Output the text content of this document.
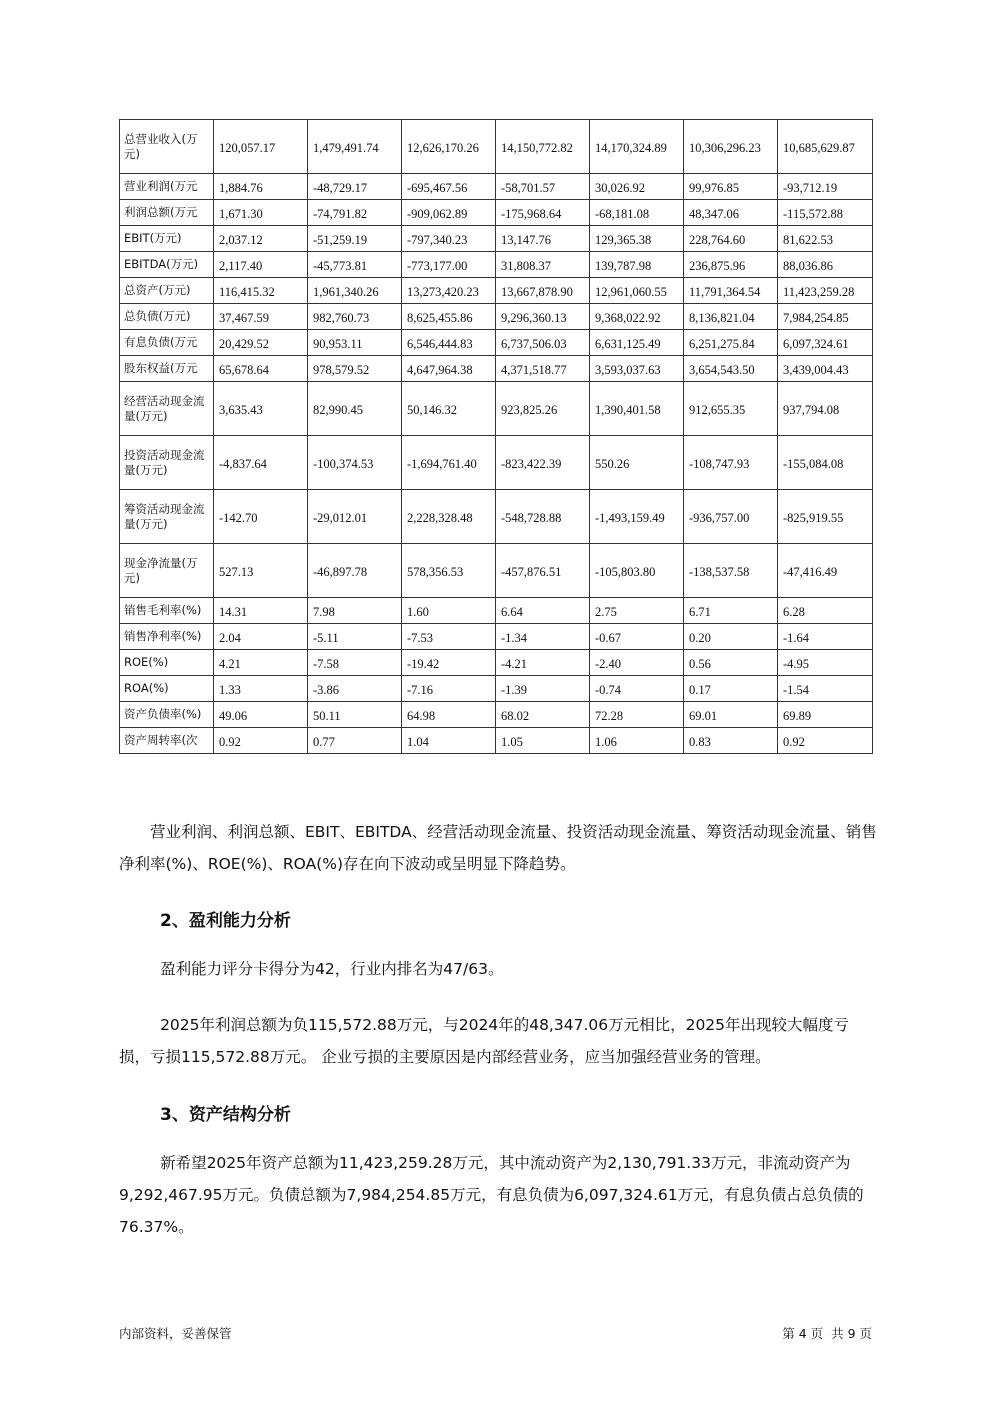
总营业收入(万元)	120,057.17	1,479,491.74	12,626,170.26	14,150,772.82	14,170,324.89	10,306,296.23	10,685,629.87
营业利润(万元	1,884.76	-48,729.17	-695,467.56	-58,701.57	30,026.92	99,976.85	-93,712.19
利润总额(万元	1,671.30	-74,791.82	-909,062.89	-175,968.64	-68,181.08	48,347.06	-115,572.88
EBIT(万元)	2,037.12	-51,259.19	-797,340.23	13,147.76	129,365.38	228,764.60	81,622.53
EBITDA(万元)	2,117.40	-45,773.81	-773,177.00	31,808.37	139,787.98	236,875.96	88,036.86
总资产(万元)	116,415.32	1,961,340.26	13,273,420.23	13,667,878.90	12,961,060.55	11,791,364.54	11,423,259.28
总负债(万元)	37,467.59	982,760.73	8,625,455.86	9,296,360.13	9,368,022.92	8,136,821.04	7,984,254.85
有息负债(万元	20,429.52	90,953.11	6,546,444.83	6,737,506.03	6,631,125.49	6,251,275.84	6,097,324.61
股东权益(万元	65,678.64	978,579.52	4,647,964.38	4,371,518.77	3,593,037.63	3,654,543.50	3,439,004.43
经营活动现金流量(万元)	3,635.43	82,990.45	50,146.32	923,825.26	1,390,401.58	912,655.35	937,794.08
投资活动现金流量(万元)	-4,837.64	-100,374.53	-1,694,761.40	-823,422.39	550.26	-108,747.93	-155,084.08
筹资活动现金流量(万元)	-142.70	-29,012.01	2,228,328.48	-548,728.88	-1,493,159.49	-936,757.00	-825,919.55
现金净流量(万元)	527.13	-46,897.78	578,356.53	-457,876.51	-105,803.80	-138,537.58	-47,416.49
销售毛利率(%)	14.31	7.98	1.60	6.64	2.75	6.71	6.28
销售净利率(%)	2.04	-5.11	-7.53	-1.34	-0.67	0.20	-1.64
ROE(%)	4.21	-7.58	-19.42	-4.21	-2.40	0.56	-4.95
ROA(%)	1.33	-3.86	-7.16	-1.39	-0.74	0.17	-1.54
资产负债率(%)	49.06	50.11	64.98	68.02	72.28	69.01	69.89
资产周转率(次	0.92	0.77	1.04	1.05	1.06	0.83	0.92

营业利润、利润总额、EBIT、EBITDA、经营活动现金流量、投资活动现金流量、筹资活动现金流量、销售净利率(%)、ROE(%)、ROA(%)存在向下波动或呈明显下降趋势。

2、盈利能力分析

盈利能力评分卡得分为42，行业内排名为47/63。

2025年利润总额为负115,572.88万元，与2024年的48,347.06万元相比，2025年出现较大幅度亏损，亏损115,572.88万元。 企业亏损的主要原因是内部经营业务，应当加强经营业务的管理。

3、资产结构分析

新希望2025年资产总额为11,423,259.28万元，其中流动资产为2,130,791.33万元，非流动资产为9,292,467.95万元。负债总额为7,984,254.85万元，有息负债为6,097,324.61万元，有息负债占总负债的76.37%。

内部资料，妥善保管	第 4 页  共 9 页
